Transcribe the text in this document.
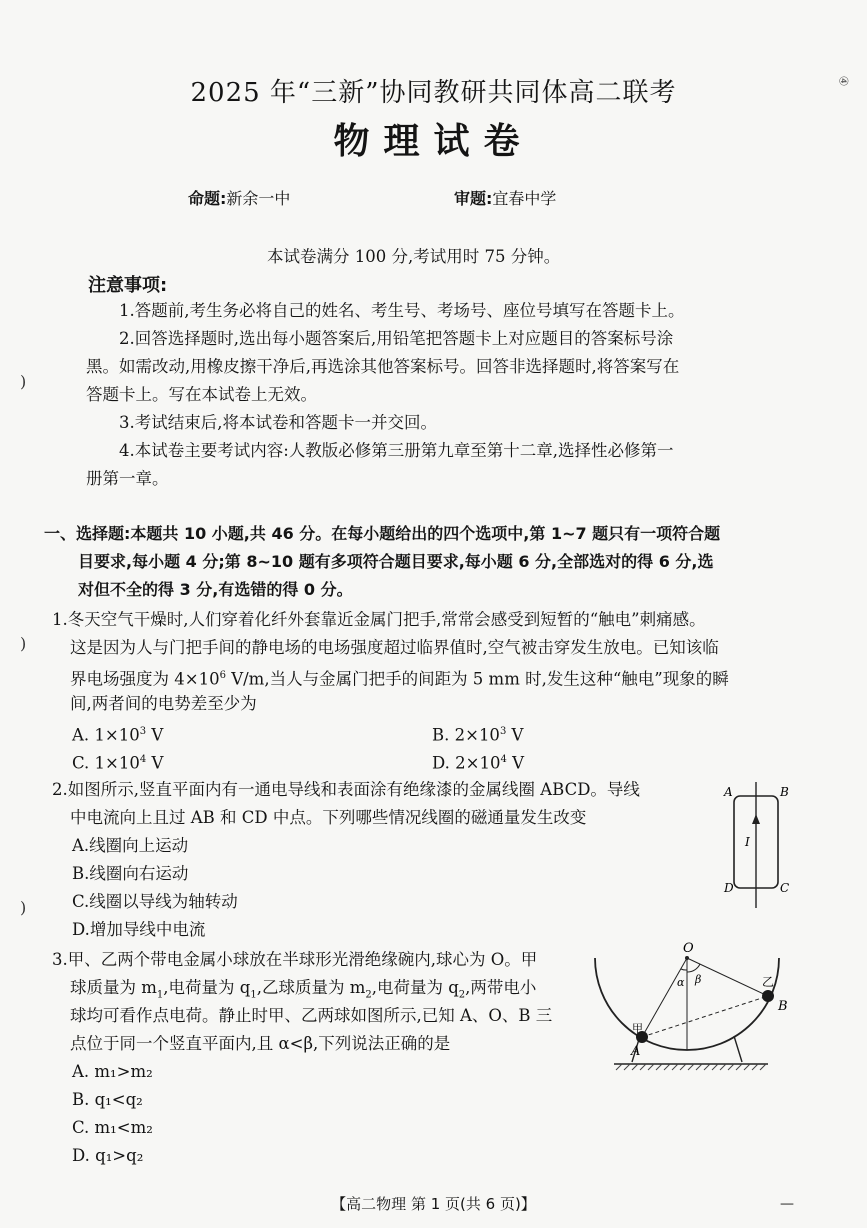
④
2025 年“三新”协同教研共同体高二联考
物理试卷
命题:新余一中	审题:宜春中学
本试卷满分 100 分,考试用时 75 分钟。
注意事项:
1.答题前,考生务必将自己的姓名、考生号、考场号、座位号填写在答题卡上。
2.回答选择题时,选出每小题答案后,用铅笔把答题卡上对应题目的答案标号涂
黑。如需改动,用橡皮擦干净后,再选涂其他答案标号。回答非选择题时,将答案写在
答题卡上。写在本试卷上无效。
3.考试结束后,将本试卷和答题卡一并交回。
4.本试卷主要考试内容:人教版必修第三册第九章至第十二章,选择性必修第一
册第一章。
)
)
)
一、选择题:本题共 10 小题,共 46 分。在每小题给出的四个选项中,第 1~7 题只有一项符合题
目要求,每小题 4 分;第 8~10 题有多项符合题目要求,每小题 6 分,全部选对的得 6 分,选
对但不全的得 3 分,有选错的得 0 分。
1.冬天空气干燥时,人们穿着化纤外套靠近金属门把手,常常会感受到短暂的“触电”刺痛感。
这是因为人与门把手间的静电场的电场强度超过临界值时,空气被击穿发生放电。已知该临
界电场强度为 $4\times 10^6$ V/m,当人与金属门把手的间距为 5 mm 时,发生这种“触电”现象的瞬
间,两者间的电势差至少为
A. $1\times 10^3$ V	B. $2\times 10^3$ V
C. $1\times 10^4$ V	D. $2\times 10^4$ V
2.如图所示,竖直平面内有一通电导线和表面涂有绝缘漆的金属线圈 ABCD。导线
中电流向上且过 AB 和 CD 中点。下列哪些情况线圈的磁通量发生改变
A.线圈向上运动
B.线圈向右运动
C.线圈以导线为轴转动
D.增加导线中电流
A	B
D	C
I
3.甲、乙两个带电金属小球放在半球形光滑绝缘碗内,球心为 O。甲
球质量为 $m_1$,电荷量为 $q_1$,乙球质量为 $m_2$,电荷量为 $q_2$,两带电小
球均可看作点电荷。静止时甲、乙两球如图所示,已知 A、O、B 三
点位于同一个竖直平面内,且 α<β,下列说法正确的是
A. m₁>m₂
B. q₁<q₂
C. m₁<m₂
D. q₁>q₂
O
A
B
甲
乙
α β
【高二物理 第 1 页(共 6 页)】	—
